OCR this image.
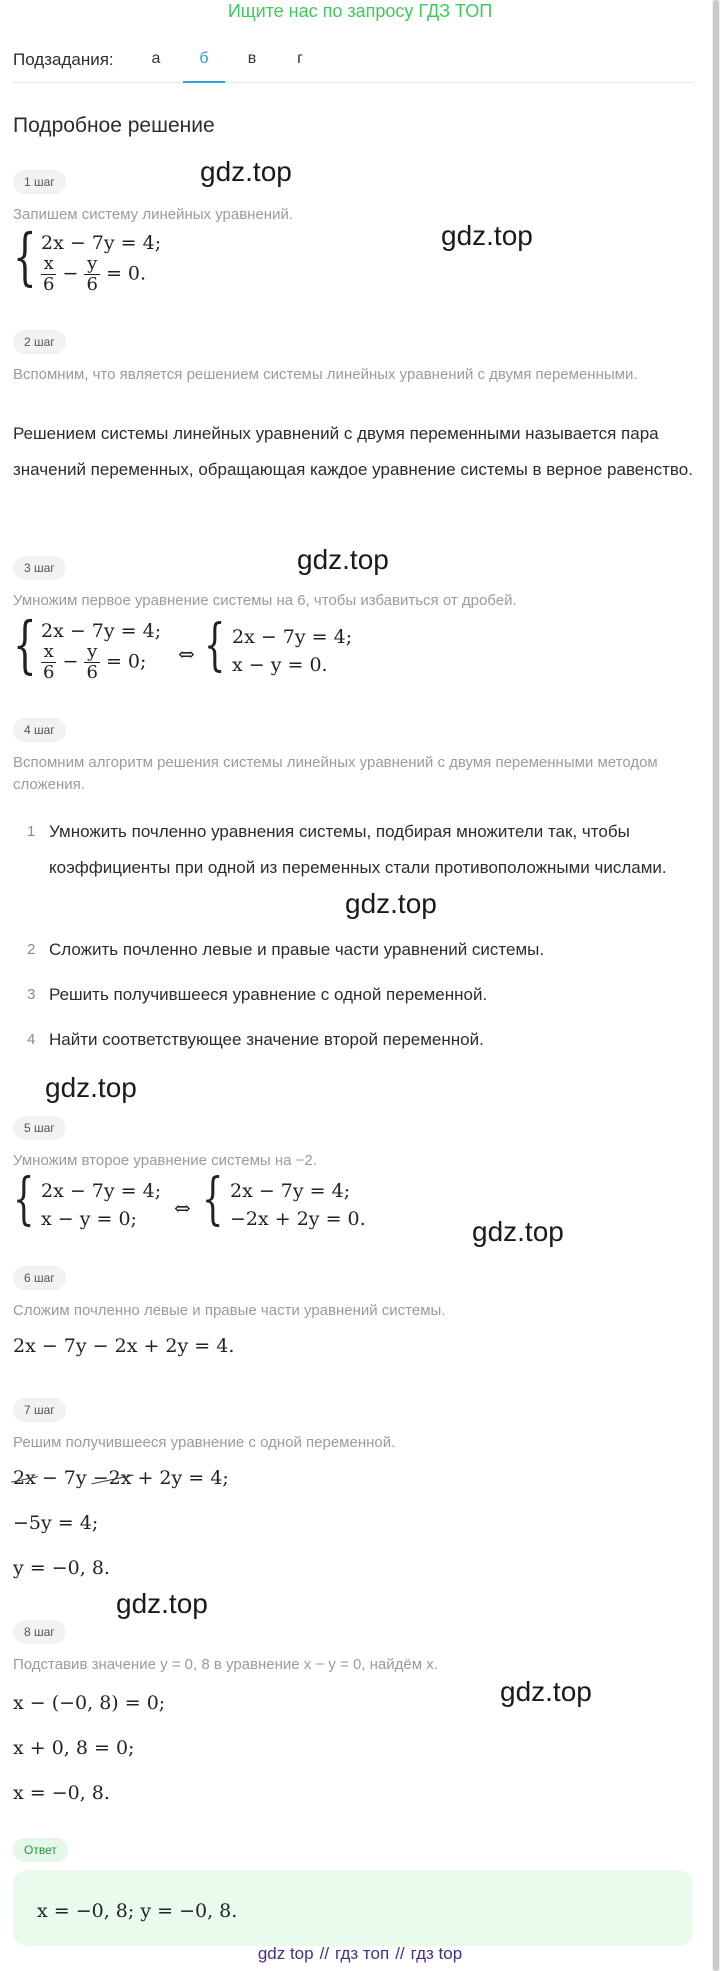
Ищите нас по запросу ГДЗ ТОП
Подзадания:	а	б	в	г
Подробное решение
gdz.top
gdz.top
gdz.top
gdz.top
gdz.top
gdz.top
gdz.top
gdz.top
1 шаг
Запишем систему линейных уравнений.
{ 2x − 7y = 4;
$\frac{x}{6} - \frac{y}{6} = 0$.
2 шаг
Вспомним, что является решением системы линейных уравнений с двумя переменными.
Решением системы линейных уравнений с двумя переменными называется пара значений переменных, обращающая каждое уравнение системы в верное равенство.
3 шаг
Умножим первое уравнение системы на 6, чтобы избавиться от дробей.
{ 2x − 7y = 4;
$\frac{x}{6} - \frac{y}{6} = 0$; ⇔ { 2x − 7y = 4;
x − y = 0.
4 шаг
Вспомним алгоритм решения системы линейных уравнений с двумя переменными методом сложения.
1 Умножить почленно уравнения системы, подбирая множители так, чтобы коэффициенты при одной из переменных стали противоположными числами.
2 Сложить почленно левые и правые части уравнений системы.
3 Решить получившееся уравнение с одной переменной.
4 Найти соответствующее значение второй переменной.
5 шаг
Умножим второе уравнение системы на −2.
{ 2x − 7y = 4;
x − y = 0; ⇔ { 2x − 7y = 4;
−2x + 2y = 0.
6 шаг
Сложим почленно левые и правые части уравнений системы.
2x − 7y − 2x + 2y = 4.
7 шаг
Решим получившееся уравнение с одной переменной.
2x − 7y −2x + 2y = 4;
−5y = 4;
y = −0, 8.
8 шаг
Подставив значение y = 0, 8 в уравнение x − y = 0, найдём x.
x − (−0, 8) = 0;
x + 0, 8 = 0;
x = −0, 8.
Ответ
x = −0, 8; y = −0, 8.
gdz top // гдз топ // гдз top
